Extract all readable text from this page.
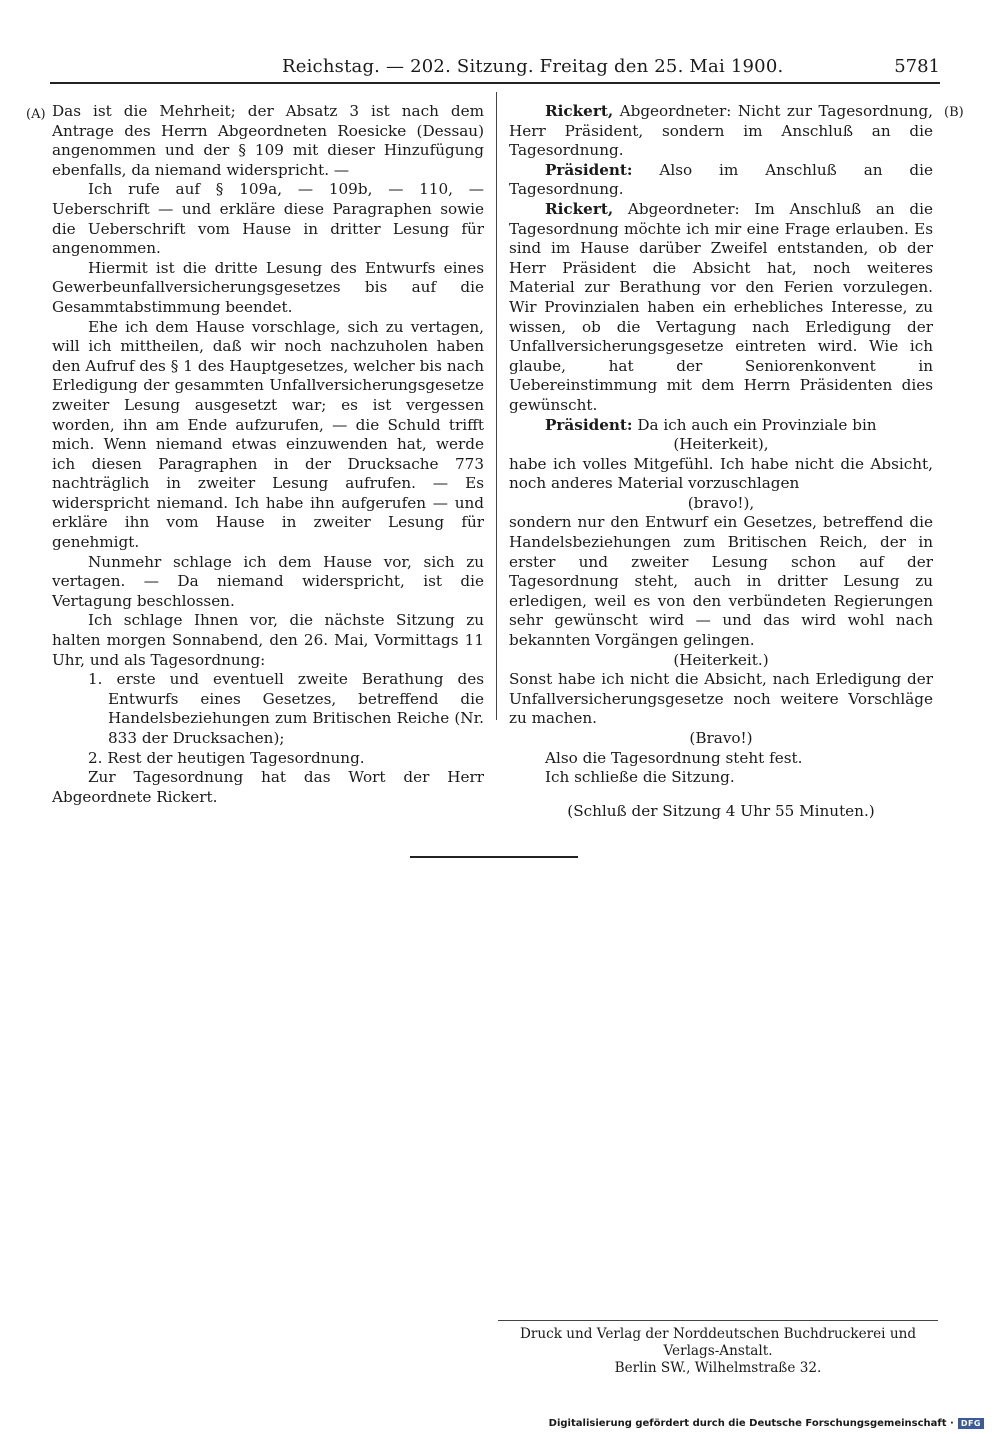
Reichstag. — 202. Sitzung. Freitag den 25. Mai 1900.	5781
(A)	(B)

Das ist die Mehrheit; der Absatz 3 ist nach dem Antrage des Herrn Abgeordneten Roesicke (Dessau) angenommen und der § 109 mit dieser Hinzufügung ebenfalls, da niemand widerspricht. —

Ich rufe auf § 109a, — 109b, — 110, — Ueberschrift — und erkläre diese Paragraphen sowie die Ueberschrift vom Hause in dritter Lesung für angenommen.

Hiermit ist die dritte Lesung des Entwurfs eines Gewerbeunfallversicherungsgesetzes bis auf die Gesammtabstimmung beendet.

Ehe ich dem Hause vorschlage, sich zu vertagen, will ich mittheilen, daß wir noch nachzuholen haben den Aufruf des § 1 des Hauptgesetzes, welcher bis nach Erledigung der gesammten Unfallversicherungsgesetze zweiter Lesung ausgesetzt war; es ist vergessen worden, ihn am Ende aufzurufen, — die Schuld trifft mich. Wenn niemand etwas einzuwenden hat, werde ich diesen Paragraphen in der Drucksache 773 nachträglich in zweiter Lesung aufrufen. — Es widerspricht niemand. Ich habe ihn aufgerufen — und erkläre ihn vom Hause in zweiter Lesung für genehmigt.

Nunmehr schlage ich dem Hause vor, sich zu vertagen. — Da niemand widerspricht, ist die Vertagung beschlossen.

Ich schlage Ihnen vor, die nächste Sitzung zu halten morgen Sonnabend, den 26. Mai, Vormittags 11 Uhr, und als Tagesordnung:

1. erste und eventuell zweite Berathung des Entwurfs eines Gesetzes, betreffend die Handelsbeziehungen zum Britischen Reiche (Nr. 833 der Drucksachen);

2. Rest der heutigen Tagesordnung.

Zur Tagesordnung hat das Wort der Herr Abgeordnete Rickert.

Rickert, Abgeordneter: Nicht zur Tagesordnung, Herr Präsident, sondern im Anschluß an die Tagesordnung.

Präsident: Also im Anschluß an die Tagesordnung.

Rickert, Abgeordneter: Im Anschluß an die Tagesordnung möchte ich mir eine Frage erlauben. Es sind im Hause darüber Zweifel entstanden, ob der Herr Präsident die Absicht hat, noch weiteres Material zur Berathung vor den Ferien vorzulegen. Wir Provinzialen haben ein erhebliches Interesse, zu wissen, ob die Vertagung nach Erledigung der Unfallversicherungsgesetze eintreten wird. Wie ich glaube, hat der Seniorenkonvent in Uebereinstimmung mit dem Herrn Präsidenten dies gewünscht.

Präsident: Da ich auch ein Provinziale bin

(Heiterkeit),

habe ich volles Mitgefühl. Ich habe nicht die Absicht, noch anderes Material vorzuschlagen

(bravo!),

sondern nur den Entwurf ein Gesetzes, betreffend die Handelsbeziehungen zum Britischen Reich, der in erster und zweiter Lesung schon auf der Tagesordnung steht, auch in dritter Lesung zu erledigen, weil es von den verbündeten Regierungen sehr gewünscht wird — und das wird wohl nach bekannten Vorgängen gelingen.

(Heiterkeit.)

Sonst habe ich nicht die Absicht, nach Erledigung der Unfallversicherungsgesetze noch weitere Vorschläge zu machen.

(Bravo!)

Also die Tagesordnung steht fest.

Ich schließe die Sitzung.

(Schluß der Sitzung 4 Uhr 55 Minuten.)

Druck und Verlag der Norddeutschen Buchdruckerei und Verlags-Anstalt.
Berlin SW., Wilhelmstraße 32.
Digitalisierung gefördert durch die Deutsche Forschungsgemeinschaft · DFG
